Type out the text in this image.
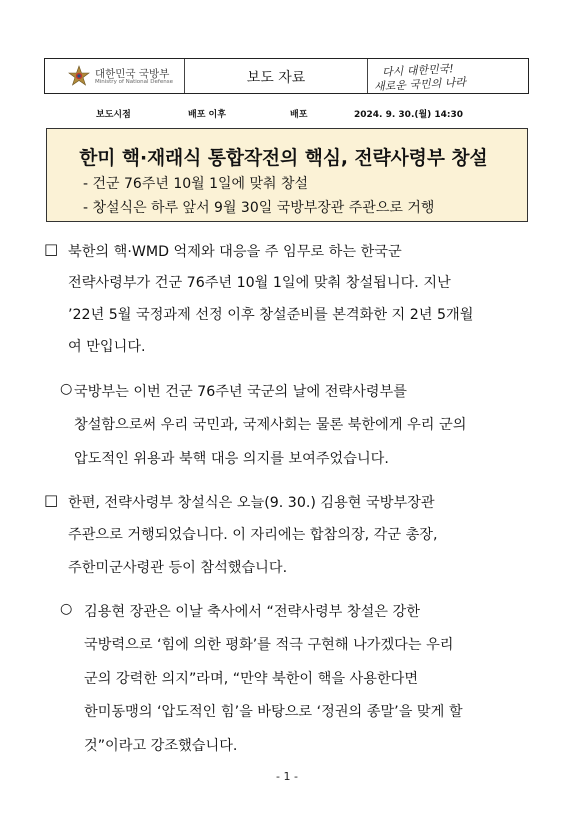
대한민국 국방부
Ministry of National Defense	보도 자료	다시 대한민국!
새로운 국민의 나라
보도시점	배포 이후	배포	2024. 9. 30.(월) 14:30
한미 핵·재래식 통합작전의 핵심, 전략사령부 창설
- 건군 76주년 10월 1일에 맞춰 창설
- 창설식은 하루 앞서 9월 30일 국방부장관 주관으로 거행
□ 북한의 핵·WMD 억제와 대응을 주 임무로 하는 한국군
전략사령부가 건군 76주년 10월 1일에 맞춰 창설됩니다. 지난
’22년 5월 국정과제 선정 이후 창설준비를 본격화한 지 2년 5개월
여 만입니다.
○ 국방부는 이번 건군 76주년 국군의 날에 전략사령부를
창설함으로써 우리 국민과, 국제사회는 물론 북한에게 우리 군의
압도적인 위용과 북핵 대응 의지를 보여주었습니다.
□ 한편, 전략사령부 창설식은 오늘(9. 30.) 김용현 국방부장관
주관으로 거행되었습니다. 이 자리에는 합참의장, 각군 총장,
주한미군사령관 등이 참석했습니다.
○ 김용현 장관은 이날 축사에서 “전략사령부 창설은 강한
국방력으로 ‘힘에 의한 평화’를 적극 구현해 나가겠다는 우리
군의 강력한 의지”라며, “만약 북한이 핵을 사용한다면
한미동맹의 ‘압도적인 힘’을 바탕으로 ‘정권의 종말’을 맞게 할
것”이라고 강조했습니다.
- 1 -
